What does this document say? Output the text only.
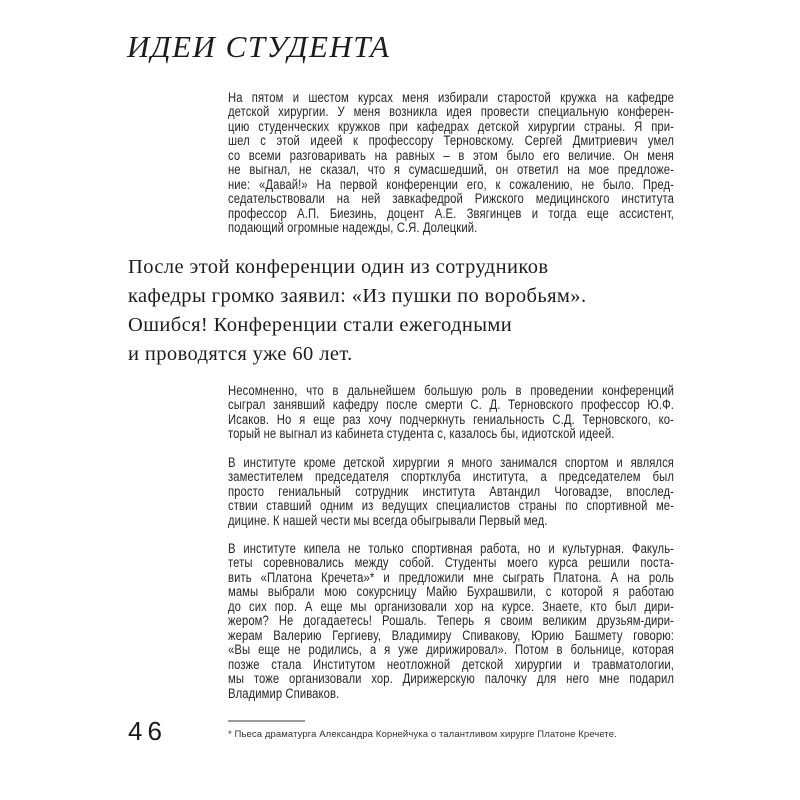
ИДЕИ СТУДЕНТА
На пятом и шестом курсах меня избирали старостой кружка на кафедре
детской хирургии. У меня возникла идея провести специальную конферен-
цию студенческих кружков при кафедрах детской хирургии страны. Я при-
шел с этой идеей к профессору Терновскому. Сергей Дмитриевич умел
со всеми разговаривать на равных – в этом было его величие. Он меня
не выгнал, не сказал, что я сумасшедший, он ответил на мое предложе-
ние: «Давай!» На первой конференции его, к сожалению, не было. Пред-
седательствовали на ней завкафедрой Рижского медицинского института
профессор А.П. Биезинь, доцент А.Е. Звягинцев и тогда еще ассистент,
подающий огромные надежды, С.Я. Долецкий.
После этой конференции один из сотрудников
кафедры громко заявил: «Из пушки по воробьям».
Ошибся! Конференции стали ежегодными
и проводятся уже 60 лет.
Несомненно, что в дальнейшем большую роль в проведении конференций
сыграл занявший кафедру после смерти С. Д. Терновского профессор Ю.Ф.
Исаков. Но я еще раз хочу подчеркнуть гениальность С.Д. Терновского, ко-
торый не выгнал из кабинета студента с, казалось бы, идиотской идеей.
В институте кроме детской хирургии я много занимался спортом и являлся
заместителем председателя спортклуба института, а председателем был
просто гениальный сотрудник института Автандил Чоговадзе, впослед-
ствии ставший одним из ведущих специалистов страны по спортивной ме-
дицине. К нашей чести мы всегда обыгрывали Первый мед.
В институте кипела не только спортивная работа, но и культурная. Факуль-
теты соревновались между собой. Студенты моего курса решили поста-
вить «Платона Кречета»* и предложили мне сыграть Платона. А на роль
мамы выбрали мою сокурсницу Майю Бухрашвили, с которой я работаю
до сих пор. А еще мы организовали хор на курсе. Знаете, кто был дири-
жером? Не догадаетесь! Рошаль. Теперь я своим великим друзьям-дири-
жерам Валерию Гергиеву, Владимиру Спивакову, Юрию Башмету говорю:
«Вы еще не родились, а я уже дирижировал». Потом в больнице, которая
позже стала Институтом неотложной детской хирургии и травматологии,
мы тоже организовали хор. Дирижерскую палочку для него мне подарил
Владимир Спиваков.
46	* Пьеса драматурга Александра Корнейчука о талантливом хирурге Платоне Кречете.
